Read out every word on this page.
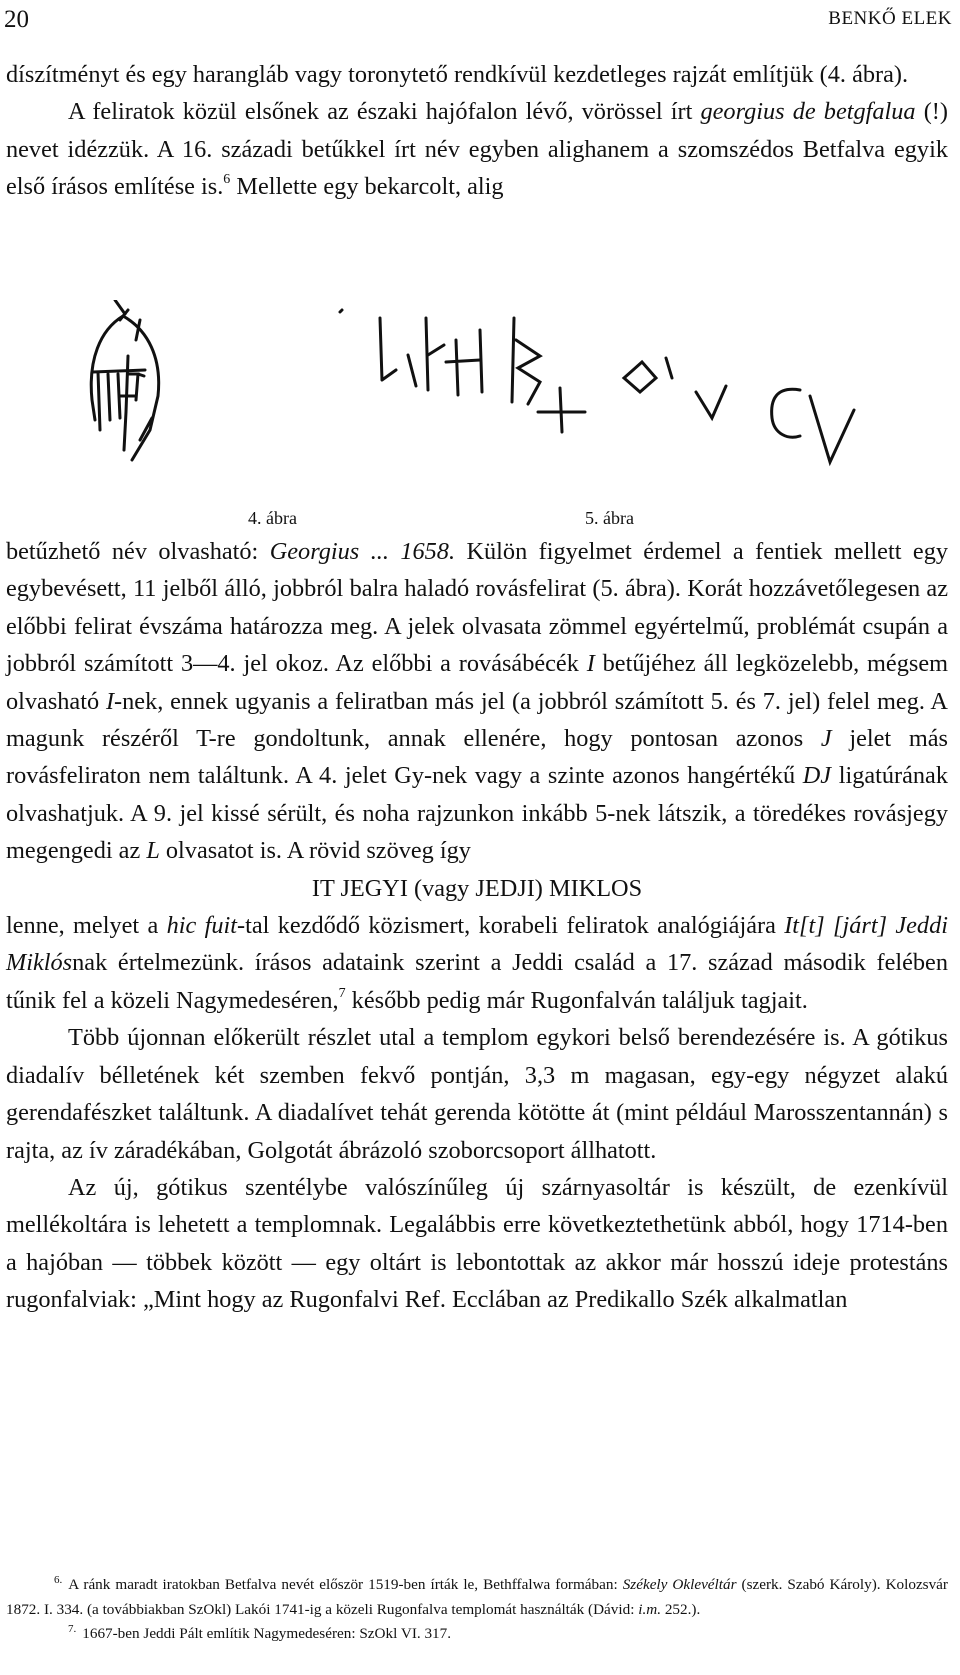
20	BENKŐ ELEK

díszítményt és egy harangláb vagy toronytető rendkívül kezdetleges rajzát említjük (4. ábra).

A feliratok közül elsőnek az északi hajófalon lévő, vörössel írt georgius de betgfalua (!) nevet idézzük. A 16. századi betűkkel írt név egyben alighanem a szomszédos Betfalva egyik első írásos említése is.$^6$ Mellette egy bekarcolt, alig

4. ábra	5. ábra

betűzhető név olvasható: Georgius ... 1658. Külön figyelmet érdemel a fentiek mellett egy egybevésett, 11 jelből álló, jobbról balra haladó rovásfelirat (5. ábra). Korát hozzávetőlegesen az előbbi felirat évszáma határozza meg. A jelek olvasata zömmel egyértelmű, problémát csupán a jobbról számított 3—4. jel okoz. Az előbbi a rovásábécék I betűjéhez áll legközelebb, mégsem olvasható I-nek, ennek ugyanis a feliratban más jel (a jobbról számított 5. és 7. jel) felel meg. A magunk részéről T-re gondoltunk, annak ellenére, hogy pontosan azonos J jelet más rovásfeliraton nem találtunk. A 4. jelet Gy-nek vagy a szinte azonos hangértékű DJ ligatúrának olvashatjuk. A 9. jel kissé sérült, és noha rajzunkon inkább 5-nek látszik, a töredékes rovásjegy megengedi az L olvasatot is. A rövid szöveg így

IT JEGYI (vagy JEDJI) MIKLOS

lenne, melyet a hic fuit-tal kezdődő közismert, korabeli feliratok analógiájára It[t] [járt] Jeddi Miklósnak értelmezünk. írásos adataink szerint a Jeddi család a 17. század második felében tűnik fel a közeli Nagymedeséren,$^7$ később pedig már Rugonfalván találjuk tagjait.

Több újonnan előkerült részlet utal a templom egykori belső berendezésére is. A gótikus diadalív bélletének két szemben fekvő pontján, 3,3 m magasan, egy-egy négyzet alakú gerendafészket találtunk. A diadalívet tehát gerenda kötötte át (mint például Marosszentannán) s rajta, az ív záradékában, Golgotát ábrázoló szoborcsoport állhatott.

Az új, gótikus szentélybe valószínűleg új szárnyasoltár is készült, de ezenkívül mellékoltára is lehetett a templomnak. Legalábbis erre következtethetünk abból, hogy 1714-ben a hajóban — többek között — egy oltárt is lebontottak az akkor már hosszú ideje protestáns rugonfalviak: „Mint hogy az Rugonfalvi Ref. Ecclában az Predikallo Szék alkalmatlan

$^{6.}$ A ránk maradt iratokban Betfalva nevét először 1519-ben írták le, Bethffalwa formában: Székely Oklevéltár (szerk. Szabó Károly). Kolozsvár 1872. I. 334. (a továbbiakban SzOkl) Lakói 1741-ig a közeli Rugonfalva templomát használták (Dávid: i.m. 252.).

$^{7.}$ 1667-ben Jeddi Pált említik Nagymedeséren: SzOkl VI. 317.
